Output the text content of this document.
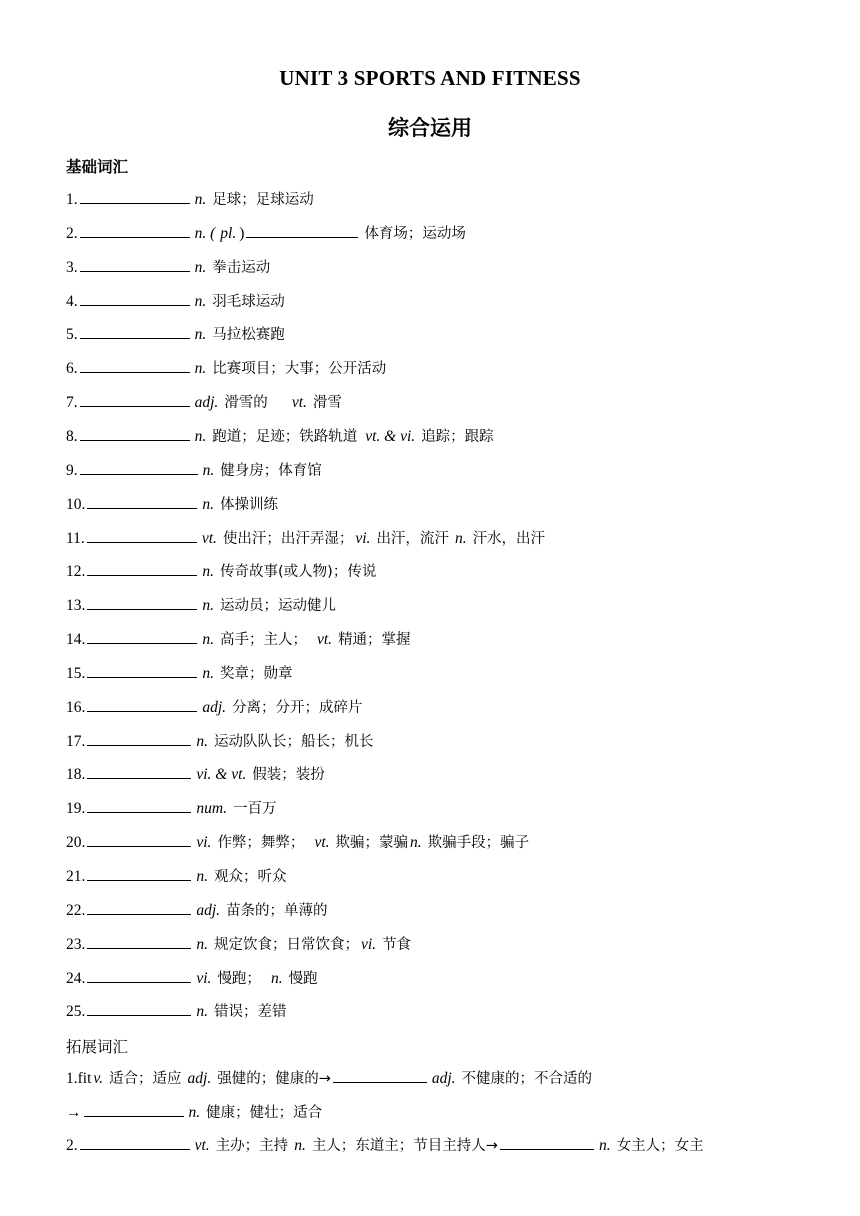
UNIT 3 SPORTS AND FITNESS
综合运用
基础词汇
1.	n. 足球；足球运动
2.	n. ( pl. )	体育场；运动场
3.	n. 拳击运动
4.	n. 羽毛球运动
5.	n. 马拉松赛跑
6.	n. 比赛项目；大事；公开活动
7.	adj. 滑雪的 vt. 滑雪
8.	n. 跑道；足迹；铁路轨道 vt. & vi. 追踪；跟踪
9.	n. 健身房；体育馆
10.	n. 体操训练
11.	vt. 使出汗；出汗弄湿； vi. 出汗，流汗 n. 汗水，出汗
12.	n. 传奇故事(或人物)；传说
13.	n. 运动员；运动健儿
14.	n. 高手；主人； vt. 精通；掌握
15.	n. 奖章；勋章
16.	adj. 分离；分开；成碎片
17.	n. 运动队队长；船长；机长
18.	vi. & vt. 假装；装扮
19.	num. 一百万
20.	vi. 作弊；舞弊； vt. 欺骗；蒙骗 n. 欺骗手段；骗子
21.	n. 观众；听众
22.	adj. 苗条的；单薄的
23.	n. 规定饮食；日常饮食； vi. 节食
24.	vi. 慢跑； n. 慢跑
25.	n. 错误；差错
拓展词汇
1.fit v. 适合；适应 adj. 强健的；健康的→	adj. 不健康的；不合适的
→	n. 健康；健壮；适合
2.	vt. 主办；主持 n. 主人；东道主；节目主持人→	n. 女主人；女主
